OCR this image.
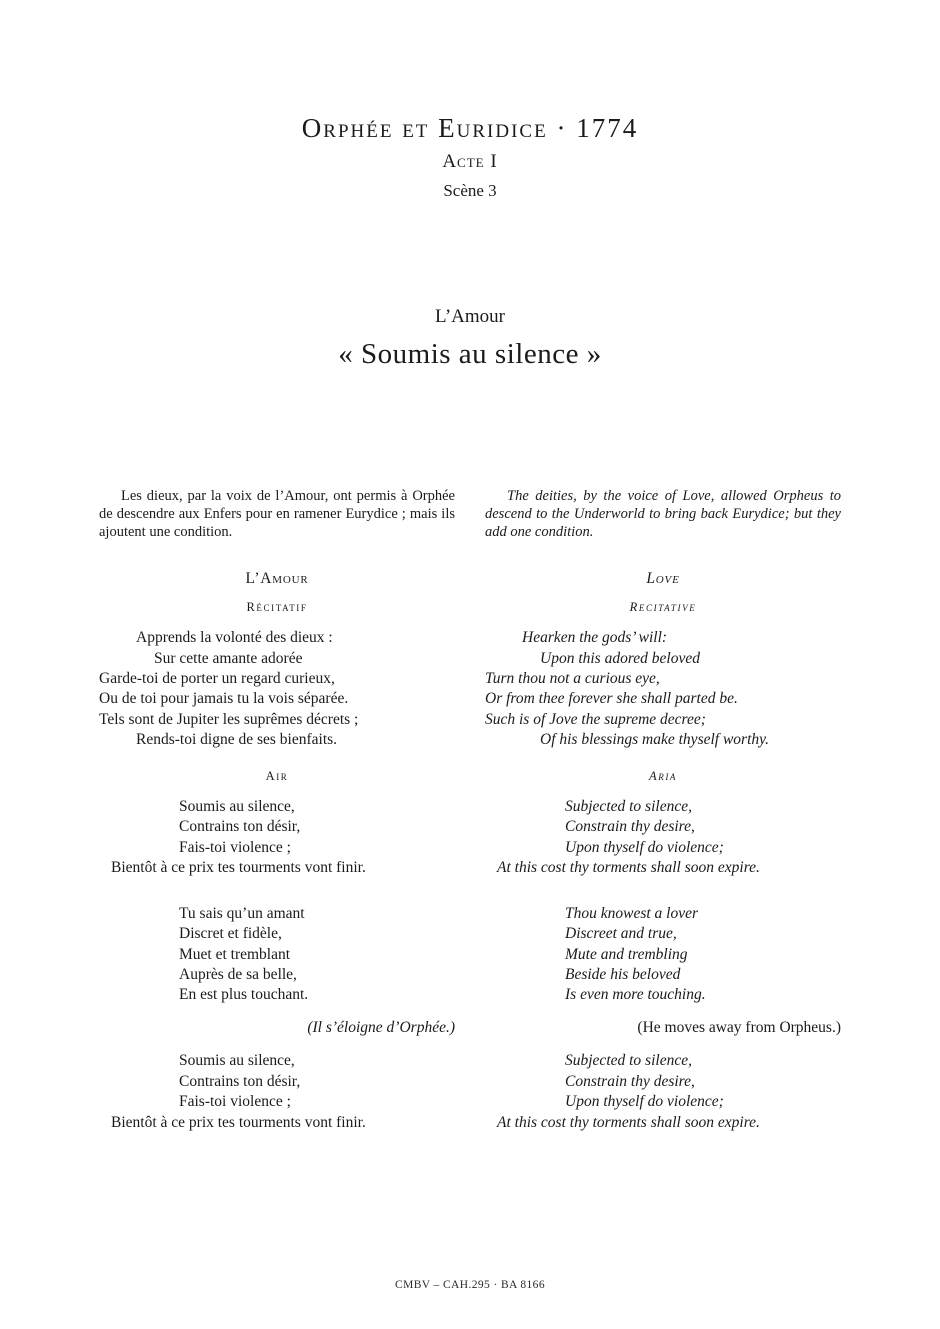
Orphée et Euridice · 1774
Acte I
Scène 3
L’Amour
« Soumis au silence »

Les dieux, par la voix de l’Amour, ont permis à Orphée de descendre aux Enfers pour en ramener Eurydice ; mais ils ajoutent une condition.

L’Amour
Récitatif
Apprends la volonté des dieux :
Sur cette amante adorée
Garde-toi de porter un regard curieux,
Ou de toi pour jamais tu la vois séparée.
Tels sont de Jupiter les suprêmes décrets ;
Rends-toi digne de ses bienfaits.
Air
Soumis au silence,
Contrains ton désir,
Fais-toi violence ;
Bientôt à ce prix tes tourments vont finir.
Tu sais qu’un amant
Discret et fidèle,
Muet et tremblant
Auprès de sa belle,
En est plus touchant.
(Il s’éloigne d’Orphée.)
Soumis au silence,
Contrains ton désir,
Fais-toi violence ;
Bientôt à ce prix tes tourments vont finir.

The deities, by the voice of Love, allowed Orpheus to descend to the Underworld to bring back Eurydice; but they add one condition.

Love
Recitative
Hearken the gods’ will:
Upon this adored beloved
Turn thou not a curious eye,
Or from thee forever she shall parted be.
Such is of Jove the supreme decree;
Of his blessings make thyself worthy.
Aria
Subjected to silence,
Constrain thy desire,
Upon thyself do violence;
At this cost thy torments shall soon expire.
Thou knowest a lover
Discreet and true,
Mute and trembling
Beside his beloved
Is even more touching.
(He moves away from Orpheus.)
Subjected to silence,
Constrain thy desire,
Upon thyself do violence;
At this cost thy torments shall soon expire.
CMBV – CAH.295 · BA 8166
